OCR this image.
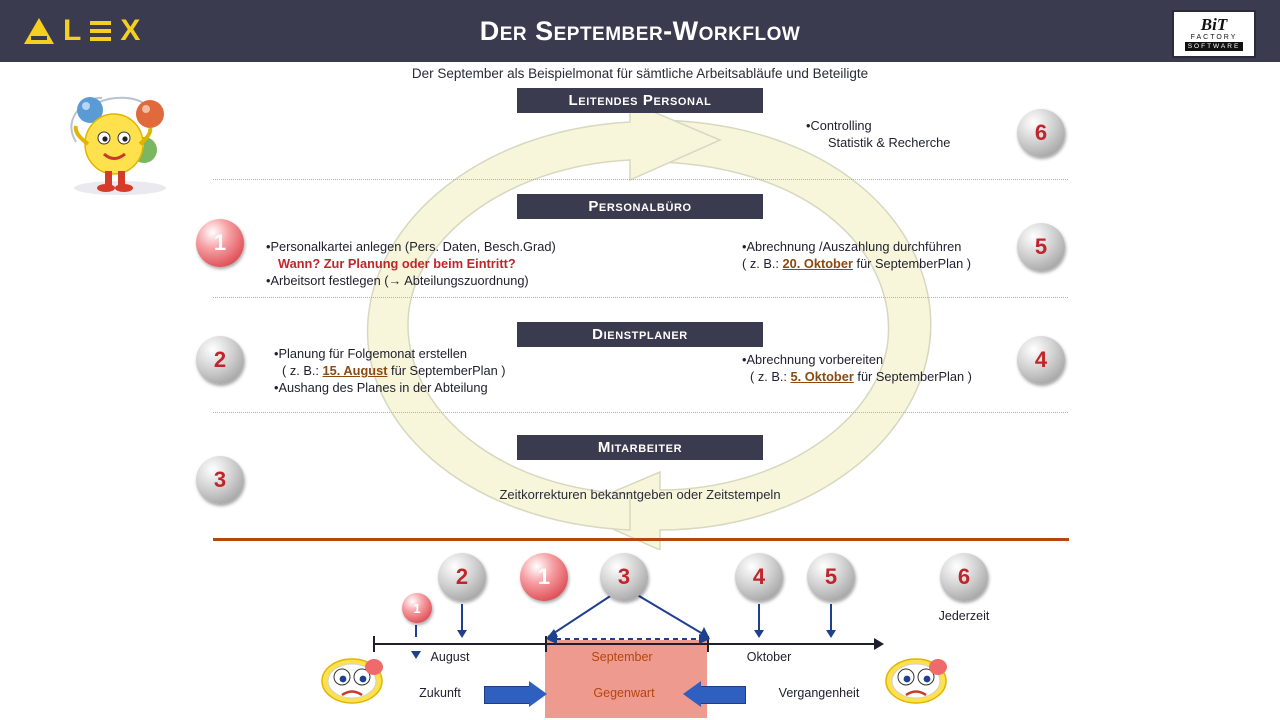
L X	Der September-Workflow	BiT
FACTORY
SOFTWARE
Der September als Beispielmonat für sämtliche Arbeitsabläufe und Beteiligte
Leitendes Personal
Personalbüro
Dienstplaner
Mitarbeiter
6
1	5
2	4
3
•Controlling
Statistik & Recherche
•Personalkartei anlegen (Pers. Daten, Besch.Grad)
Wann? Zur Planung oder beim Eintritt?
•Arbeitsort festlegen (→ Abteilungszuordnung)
•Abrechnung /Auszahlung durchführen
( z. B.: 20. Oktober für SeptemberPlan )
•Planung für Folgemonat erstellen
( z. B.: 15. August für SeptemberPlan )
•Aushang des Planes in der Abteilung
•Abrechnung vorbereiten
( z. B.: 5. Oktober für SeptemberPlan )
Zeitkorrekturen bekanntgeben oder Zeitstempeln
2	1	3	4	5	6
1
August	September	Oktober
Jederzeit
Zukunft	Gegenwart	Vergangenheit
